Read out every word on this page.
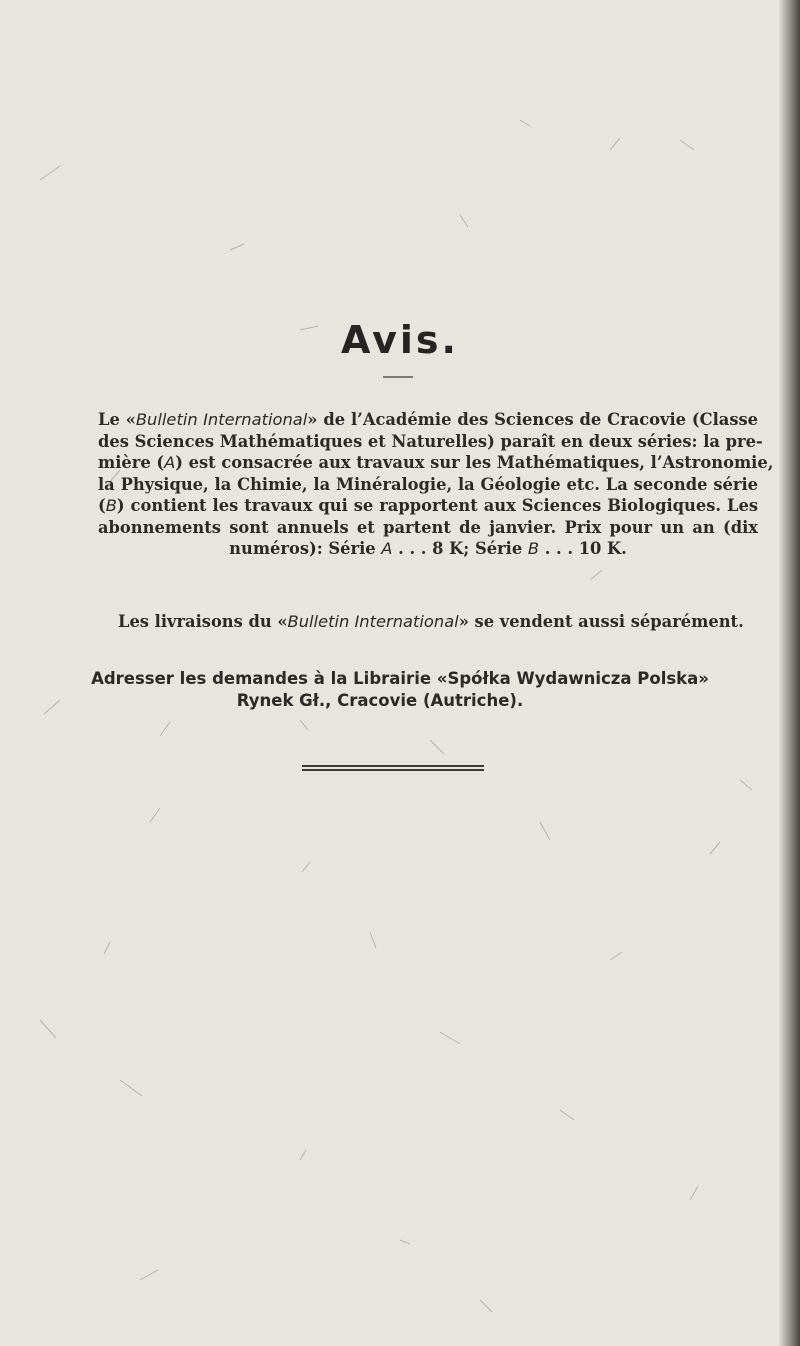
Avis.
Le «Bulletin International» de l’Académie des Sciences de Cracovie (Classe
des Sciences Mathématiques et Naturelles) paraît en deux séries: la pre-
mière (A) est consacrée aux travaux sur les Mathématiques, l’Astronomie,
la Physique, la Chimie, la Minéralogie, la Géologie etc. La seconde série
(B) contient les travaux qui se rapportent aux Sciences Biologiques. Les
abonnements sont annuels et partent de janvier. Prix pour un an (dix
numéros): Série A . . . 8 K; Série B . . . 10 K.
Les livraisons du «Bulletin International» se vendent aussi séparément.
Adresser les demandes à la Librairie «Spółka Wydawnicza Polska»
Rynek Gł., Cracovie (Autriche).
